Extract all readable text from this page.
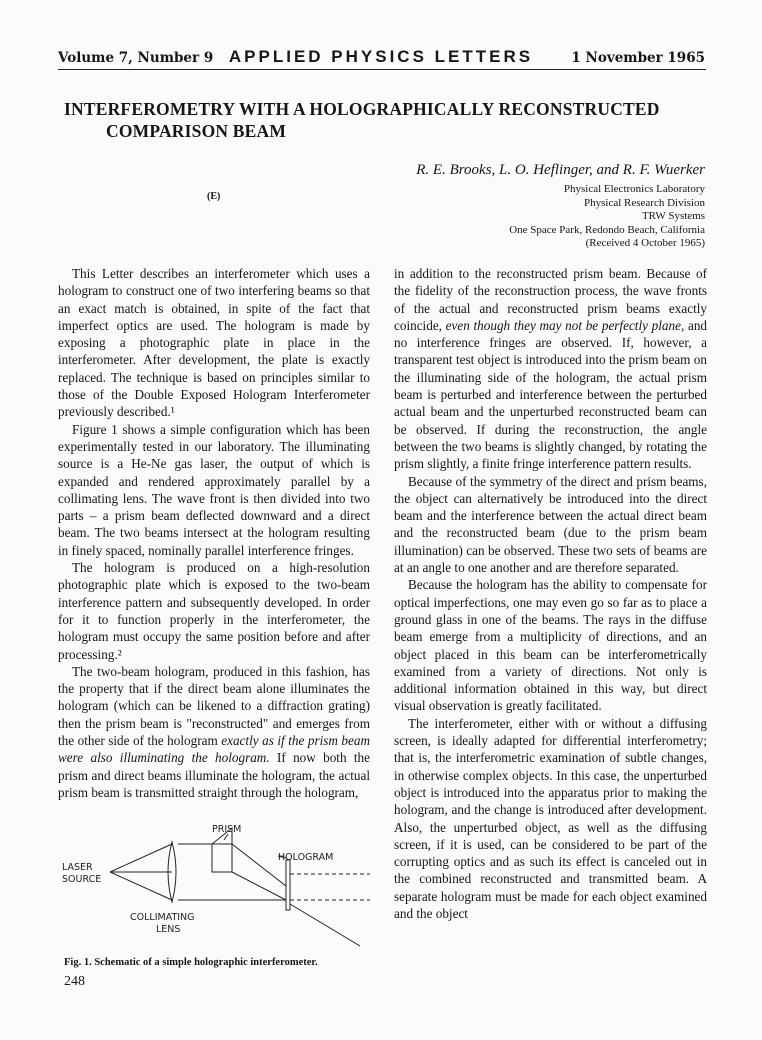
Volume 7, Number 9 APPLIED PHYSICS LETTERS	1 November 1965
INTERFEROMETRY WITH A HOLOGRAPHICALLY RECONSTRUCTED
COMPARISON BEAM
R. E. Brooks, L. O. Heflinger, and R. F. Wuerker
Physical Electronics Laboratory
Physical Research Division
TRW Systems
One Space Park, Redondo Beach, California
(Received 4 October 1965)
(E)

This Letter describes an interferometer which uses a hologram to construct one of two interfering beams so that an exact match is obtained, in spite of the fact that imperfect optics are used. The hologram is made by exposing a photographic plate in place in the interferometer. After development, the plate is exactly replaced. The technique is based on principles similar to those of the Double Exposed Hologram Interferometer previously described.¹

Figure 1 shows a simple configuration which has been experimentally tested in our laboratory. The illuminating source is a He-Ne gas laser, the output of which is expanded and rendered approximately parallel by a collimating lens. The wave front is then divided into two parts – a prism beam deflected downward and a direct beam. The two beams intersect at the hologram resulting in finely spaced, nominally parallel interference fringes.

The hologram is produced on a high-resolution photographic plate which is exposed to the two-beam interference pattern and subsequently developed. In order for it to function properly in the interferometer, the hologram must occupy the same position before and after processing.²

The two-beam hologram, produced in this fashion, has the property that if the direct beam alone illuminates the hologram (which can be likened to a diffraction grating) then the prism beam is "reconstructed" and emerges from the other side of the hologram exactly as if the prism beam were also illuminating the hologram. If now both the prism and direct beams illuminate the hologram, the actual prism beam is transmitted straight through the hologram,

in addition to the reconstructed prism beam. Because of the fidelity of the reconstruction process, the wave fronts of the actual and reconstructed prism beams exactly coincide, even though they may not be perfectly plane, and no interference fringes are observed. If, however, a transparent test object is introduced into the prism beam on the illuminating side of the hologram, the actual prism beam is perturbed and interference between the perturbed actual beam and the unperturbed reconstructed beam can be observed. If during the reconstruction, the angle between the two beams is slightly changed, by rotating the prism slightly, a finite fringe interference pattern results.

Because of the symmetry of the direct and prism beams, the object can alternatively be introduced into the direct beam and the interference between the actual direct beam and the reconstructed beam (due to the prism beam illumination) can be observed. These two sets of beams are at an angle to one another and are therefore separated.

Because the hologram has the ability to compensate for optical imperfections, one may even go so far as to place a ground glass in one of the beams. The rays in the diffuse beam emerge from a multiplicity of directions, and an object placed in this beam can be interferometrically examined from a variety of directions. Not only is additional information obtained in this way, but direct visual observation is greatly facilitated.

The interferometer, either with or without a diffusing screen, is ideally adapted for differential interferometry; that is, the interferometric examination of subtle changes, in otherwise complex objects. In this case, the unperturbed object is introduced into the apparatus prior to making the hologram, and the change is introduced after development. Also, the unperturbed object, as well as the diffusing screen, if it is used, can be considered to be part of the corrupting optics and as such its effect is canceled out in the combined reconstructed and transmitted beam. A separate hologram must be made for each object examined and the object

PRISM
HOLOGRAM
LASER
SOURCE
COLLIMATING
LENS
Fig. 1. Schematic of a simple holographic interferometer.
248
